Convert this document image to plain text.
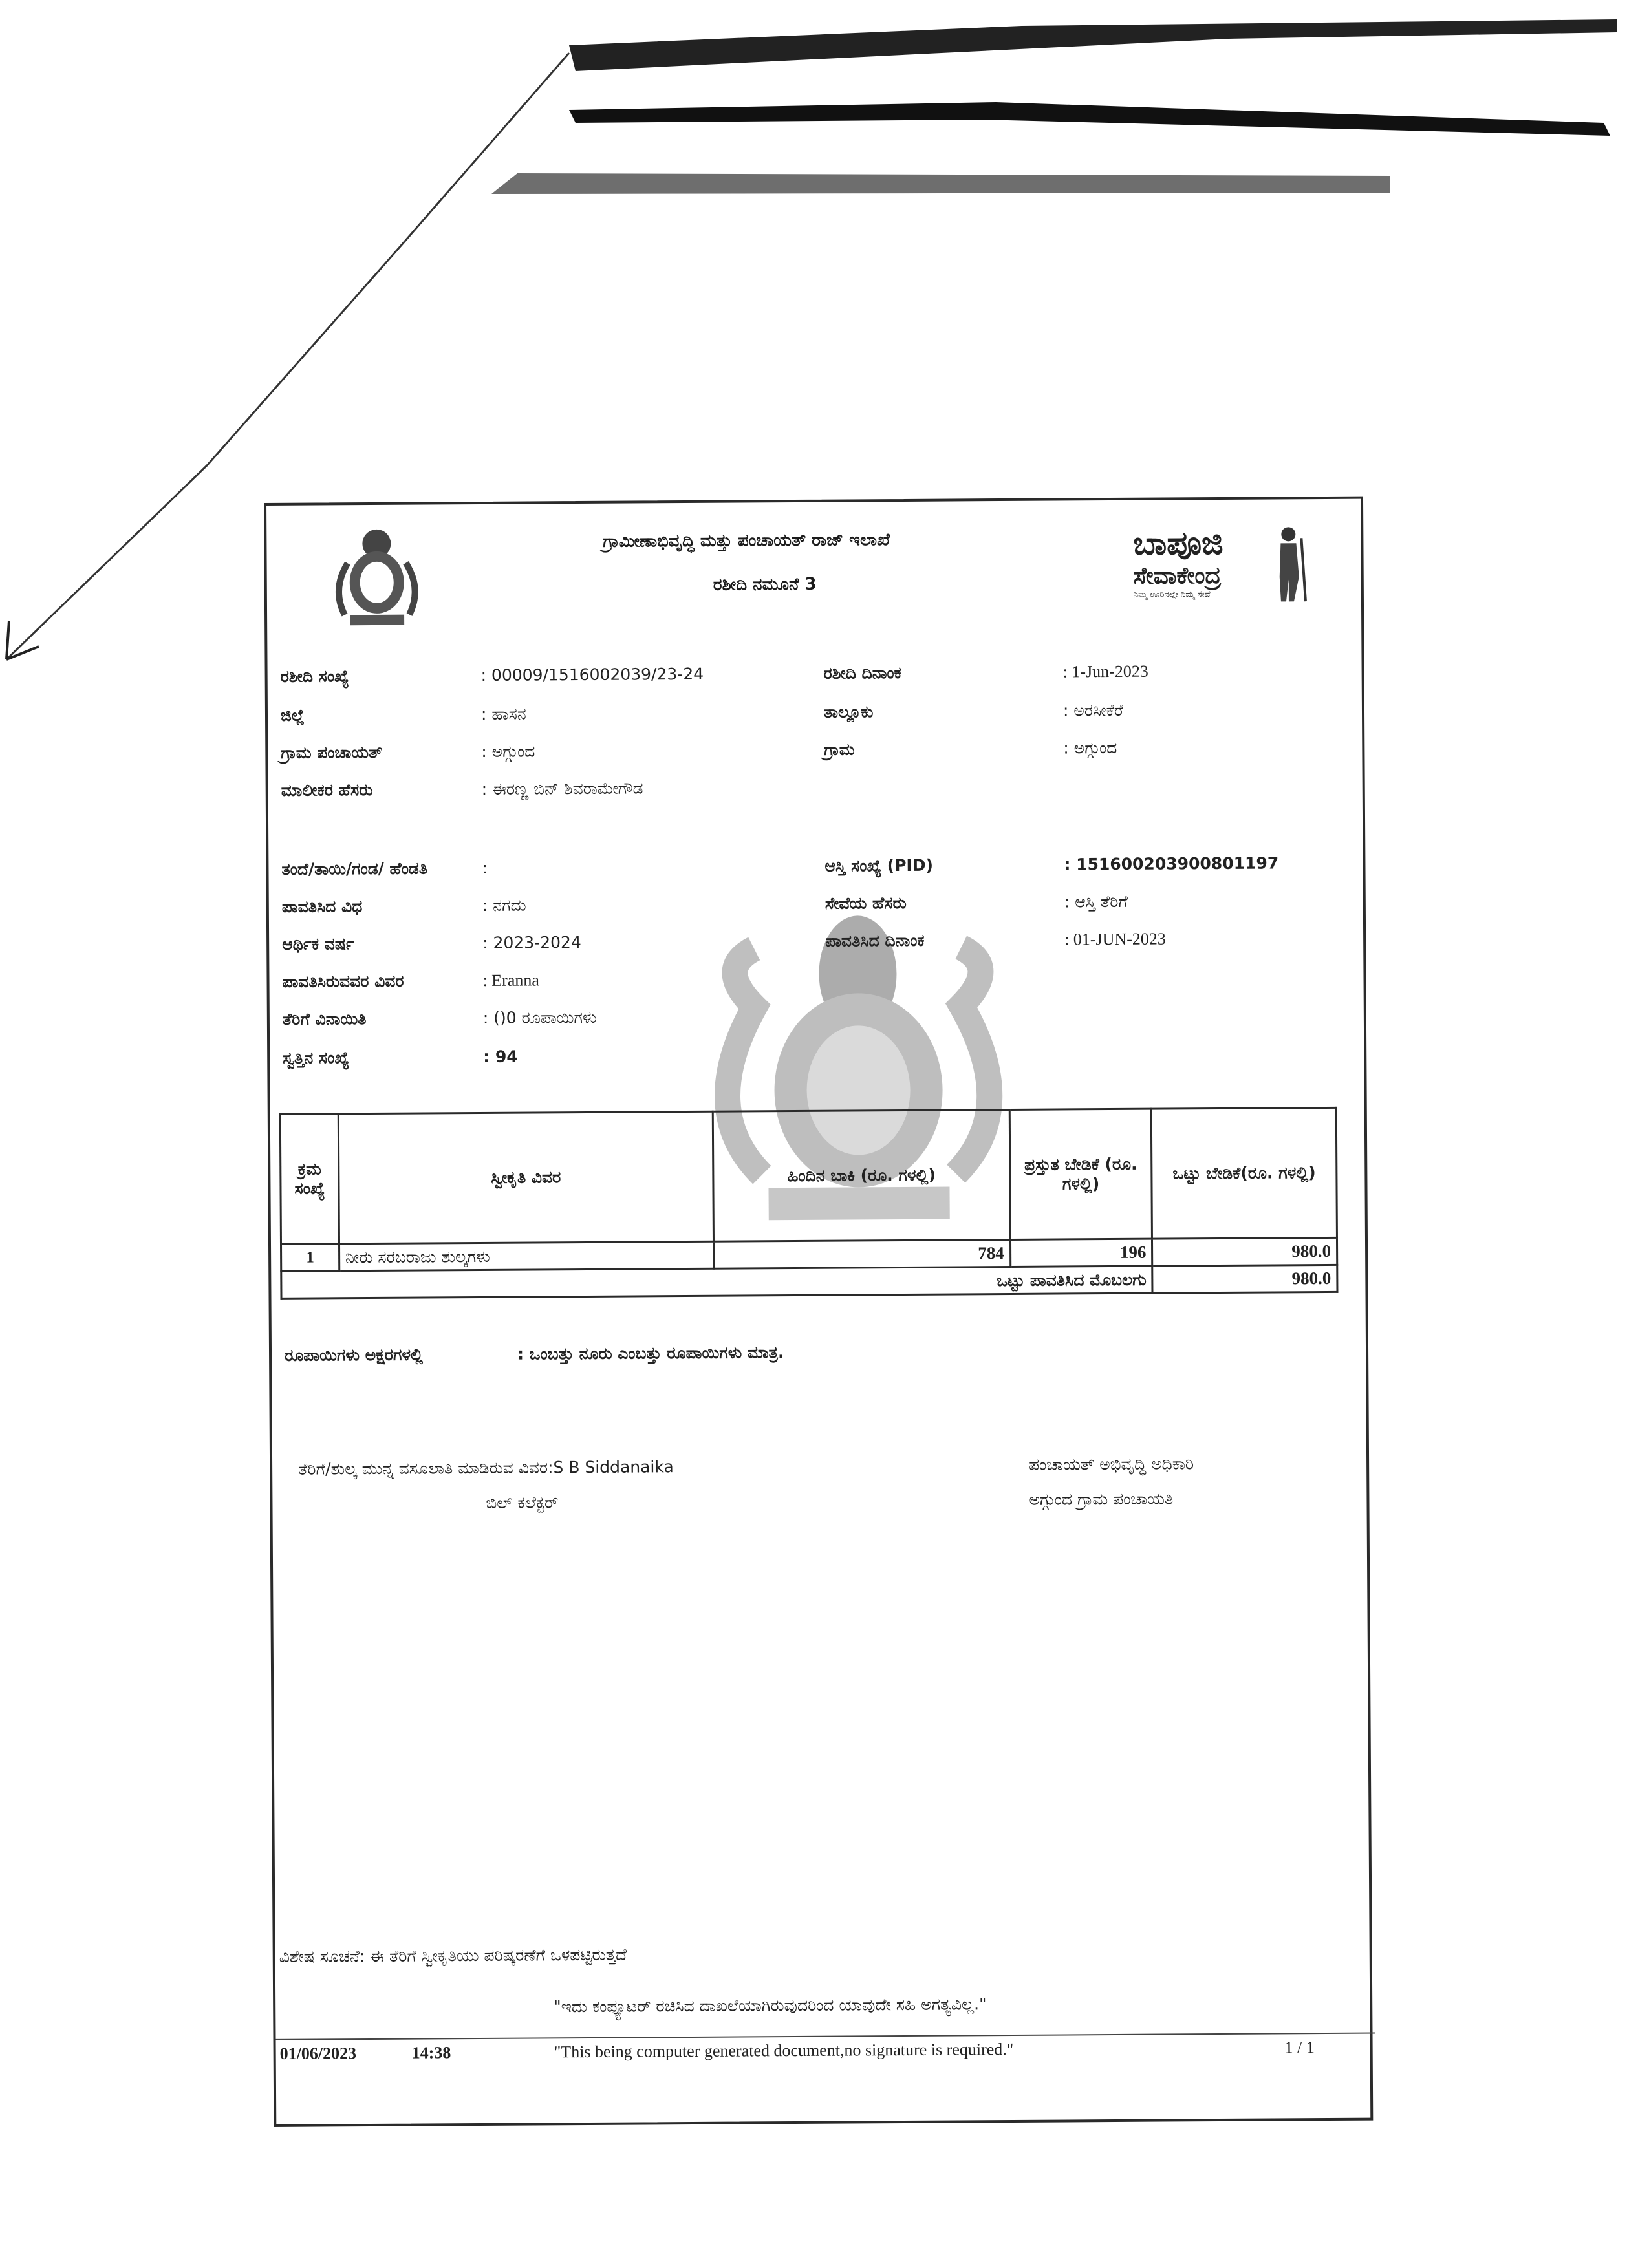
ಗ್ರಾಮೀಣಾಭಿವೃದ್ಧಿ ಮತ್ತು ಪಂಚಾಯತ್ ರಾಜ್ ಇಲಾಖೆ
ರಶೀದಿ ನಮೂನೆ 3
ಬಾಪೂಜಿ
ಸೇವಾಕೇಂದ್ರ
ನಿಮ್ಮ ಊರಿನಲ್ಲೇ ನಿಮ್ಮ ಸೇವೆ
ರಶೀದಿ ಸಂಖ್ಯೆ	: 00009/1516002039/23-24	ರಶೀದಿ ದಿನಾಂಕ	: 1-Jun-2023
ಜಿಲ್ಲೆ	: ಹಾಸನ	ತಾಲ್ಲೂಕು	: ಅರಸೀಕೆರೆ
ಗ್ರಾಮ ಪಂಚಾಯತ್	: ಅಗ್ಗುಂದ	ಗ್ರಾಮ	: ಅಗ್ಗುಂದ
ಮಾಲೀಕರ ಹೆಸರು	: ಈರಣ್ಣ ಬಿನ್ ಶಿವರಾಮೇಗೌಡ
ತಂದೆ/ತಾಯಿ/ಗಂಡ/ ಹೆಂಡತಿ	:	ಆಸ್ತಿ ಸಂಖ್ಯೆ (PID)	: 151600203900801197
ಪಾವತಿಸಿದ ವಿಧ	: ನಗದು	ಸೇವೆಯ ಹೆಸರು	: ಆಸ್ತಿ ತೆರಿಗೆ
ಆರ್ಥಿಕ ವರ್ಷ	: 2023-2024	ಪಾವತಿಸಿದ ದಿನಾಂಕ	: 01-JUN-2023
ಪಾವತಿಸಿರುವವರ ವಿವರ	: Eranna
ತೆರಿಗೆ ವಿನಾಯಿತಿ	: ()0 ರೂಪಾಯಿಗಳು
ಸ್ವತ್ತಿನ ಸಂಖ್ಯೆ	: 94
ಕ್ರಮ ಸಂಖ್ಯೆ	ಸ್ವೀಕೃತಿ ವಿವರ	ಹಿಂದಿನ ಬಾಕಿ (ರೂ. ಗಳಲ್ಲಿ)	ಪ್ರಸ್ತುತ ಬೇಡಿಕೆ (ರೂ. ಗಳಲ್ಲಿ)	ಒಟ್ಟು ಬೇಡಿಕೆ(ರೂ. ಗಳಲ್ಲಿ)
1	ನೀರು ಸರಬರಾಜು ಶುಲ್ಕಗಳು	784	196	980.0
ಒಟ್ಟು ಪಾವತಿಸಿದ ಮೊಬಲಗು				980.0
ರೂಪಾಯಿಗಳು ಅಕ್ಷರಗಳಲ್ಲಿ	: ಒಂಬತ್ತು ನೂರು ಎಂಬತ್ತು ರೂಪಾಯಿಗಳು ಮಾತ್ರ.
ತೆರಿಗೆ/ಶುಲ್ಕ ಮುನ್ನ ವಸೂಲಾತಿ ಮಾಡಿರುವ ವಿವರ:S B Siddanaika
ಬಿಲ್ ಕಲೆಕ್ಟರ್
ಪಂಚಾಯತ್ ಅಭಿವೃದ್ಧಿ ಅಧಿಕಾರಿ
ಅಗ್ಗುಂದ ಗ್ರಾಮ ಪಂಚಾಯತಿ
ವಿಶೇಷ ಸೂಚನೆ: ಈ ತೆರಿಗೆ ಸ್ವೀಕೃತಿಯು ಪರಿಷ್ಕರಣೆಗೆ ಒಳಪಟ್ಟಿರುತ್ತದೆ
"ಇದು ಕಂಪ್ಯೂಟರ್ ರಚಿಸಿದ ದಾಖಲೆಯಾಗಿರುವುದರಿಂದ ಯಾವುದೇ ಸಹಿ ಅಗತ್ಯವಿಲ್ಲ."
01/06/2023	14:38	"This being computer generated document,no signature is required."	1 / 1
